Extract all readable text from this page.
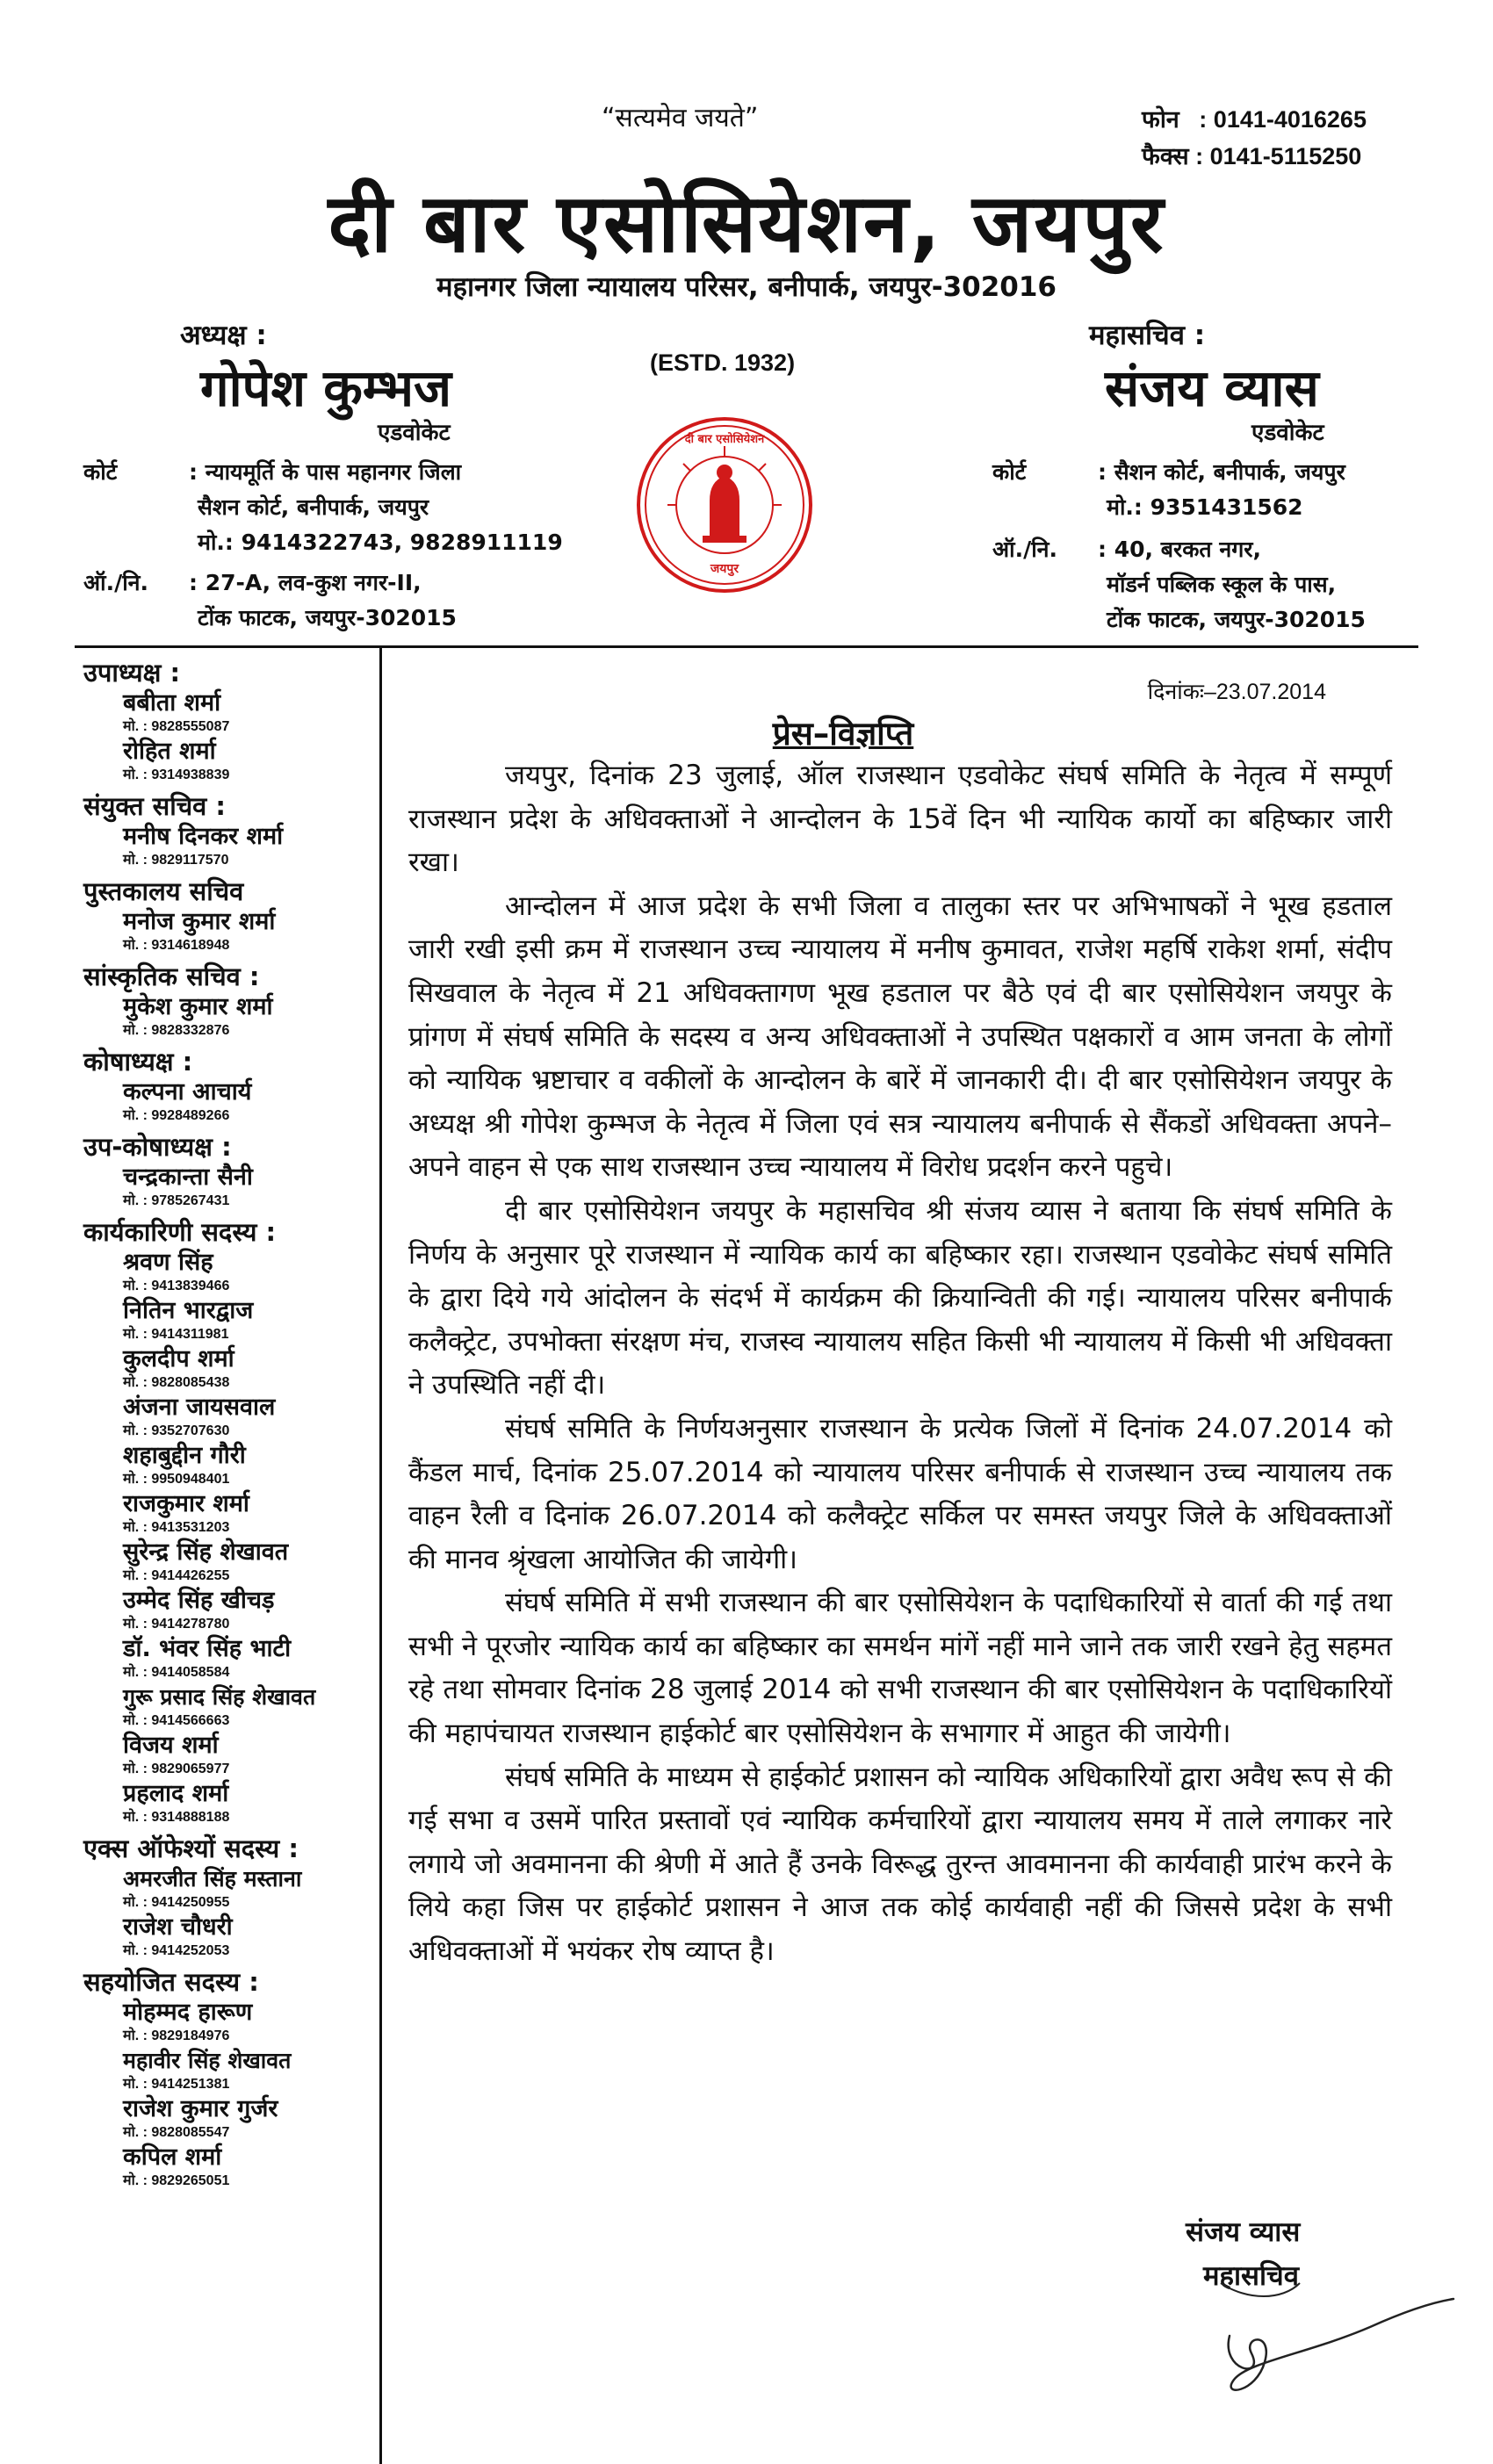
“सत्यमेव जयते”	फोन   : 0141-4016265
फैक्स : 0141-5115250
दी बार एसोसियेशन, जयपुर
महानगर जिला न्यायालय परिसर, बनीपार्क, जयपुर-302016
अध्यक्ष :
गोपेश कुम्भज
एडवोकेट
कोर्ट	: न्यायमूर्ति के पास महानगर जिला
सैशन कोर्ट, बनीपार्क, जयपुर
मो.: 9414322743, 9828911119
ऑ./नि. : 27-A, लव-कुश नगर-II,
टोंक फाटक, जयपुर-302015
(ESTD. 1932)
दी बार एसोसियेशन
जयपुर
महासचिव :
संजय व्यास
एडवोकेट
कोर्ट	: सैशन कोर्ट, बनीपार्क, जयपुर
मो.: 9351431562
ऑ./नि. : 40, बरकत नगर,
मॉडर्न पब्लिक स्कूल के पास,
टोंक फाटक, जयपुर-302015
उपाध्यक्ष :
बबीता शर्मा
मो. : 9828555087
रोहित शर्मा
मो. : 9314938839
संयुक्त सचिव :
मनीष दिनकर शर्मा
मो. : 9829117570
पुस्तकालय सचिव
मनोज कुमार शर्मा
मो. : 9314618948
सांस्कृतिक सचिव :
मुकेश कुमार शर्मा
मो. : 9828332876
कोषाध्यक्ष :
कल्पना आचार्य
मो. : 9928489266
उप-कोषाध्यक्ष :
चन्द्रकान्ता सैनी
मो. : 9785267431
कार्यकारिणी सदस्य :
श्रवण सिंह
मो. : 9413839466
नितिन भारद्वाज
मो. : 9414311981
कुलदीप शर्मा
मो. : 9828085438
अंजना जायसवाल
मो. : 9352707630
शहाबुद्दीन गौरी
मो. : 9950948401
राजकुमार शर्मा
मो. : 9413531203
सुरेन्द्र सिंह शेखावत
मो. : 9414426255
उम्मेद सिंह खीचड़
मो. : 9414278780
डॉ. भंवर सिंह भाटी
मो. : 9414058584
गुरू प्रसाद सिंह शेखावत
मो. : 9414566663
विजय शर्मा
मो. : 9829065977
प्रहलाद शर्मा
मो. : 9314888188
एक्स ऑफेश्यों सदस्य :
अमरजीत सिंह मस्ताना
मो. : 9414250955
राजेश चौधरी
मो. : 9414252053
सहयोजित सदस्य :
मोहम्मद हारूण
मो. : 9829184976
महावीर सिंह शेखावत
मो. : 9414251381
राजेश कुमार गुर्जर
मो. : 9828085547
कपिल शर्मा
मो. : 9829265051
दिनांकः–23.07.2014
प्रेस–विज्ञप्ति

जयपुर, दिनांक 23 जुलाई, ऑल राजस्थान एडवोकेट संघर्ष समिति के नेतृत्व में सम्पूर्ण राजस्थान प्रदेश के अधिवक्ताओं ने आन्दोलन के 15वें दिन भी न्यायिक कार्यो का बहिष्कार जारी रखा।

आन्दोलन में आज प्रदेश के सभी जिला व तालुका स्तर पर अभिभाषकों ने भूख हडताल जारी रखी इसी क्रम में राजस्थान उच्च न्यायालय में मनीष कुमावत, राजेश महर्षि राकेश शर्मा, संदीप सिखवाल के नेतृत्व में 21 अधिवक्तागण भूख हडताल पर बैठे एवं दी बार एसोसियेशन जयपुर के प्रांगण में संघर्ष समिति के सदस्य व अन्य अधिवक्ताओं ने उपस्थित पक्षकारों व आम जनता के लोगों को न्यायिक भ्रष्टाचार व वकीलों के आन्दोलन के बारें में जानकारी दी। दी बार एसोसियेशन जयपुर के अध्यक्ष श्री गोपेश कुम्भज के नेतृत्व में जिला एवं सत्र न्यायालय बनीपार्क से सैंकडों अधिवक्ता अपने–अपने वाहन से एक साथ राजस्थान उच्च न्यायालय में विरोध प्रदर्शन करने पहुचे।

दी बार एसोसियेशन जयपुर के महासचिव श्री संजय व्यास ने बताया कि संघर्ष समिति के निर्णय के अनुसार पूरे राजस्थान में न्यायिक कार्य का बहिष्कार रहा। राजस्थान एडवोकेट संघर्ष समिति के द्वारा दिये गये आंदोलन के संदर्भ में कार्यक्रम की क्रियान्विती की गई। न्यायालय परिसर बनीपार्क कलैक्ट्रेट, उपभोक्ता संरक्षण मंच, राजस्व न्यायालय सहित किसी भी न्यायालय में किसी भी अधिवक्ता ने उपस्थिति नहीं दी।

संघर्ष समिति के निर्णयअनुसार राजस्थान के प्रत्येक जिलों में दिनांक 24.07.2014 को कैंडल मार्च, दिनांक 25.07.2014 को न्यायालय परिसर बनीपार्क से राजस्थान उच्च न्यायालय तक वाहन रैली व दिनांक 26.07.2014 को कलैक्ट्रेट सर्किल पर समस्त जयपुर जिले के अधिवक्ताओं की मानव श्रृंखला आयोजित की जायेगी।

संघर्ष समिति में सभी राजस्थान की बार एसोसियेशन के पदाधिकारियों से वार्ता की गई तथा सभी ने पूरजोर न्यायिक कार्य का बहिष्कार का समर्थन मांगें नहीं माने जाने तक जारी रखने हेतु सहमत रहे तथा सोमवार दिनांक 28 जुलाई 2014 को सभी राजस्थान की बार एसोसियेशन के पदाधिकारियों की महापंचायत राजस्थान हाईकोर्ट बार एसोसियेशन के सभागार में आहुत की जायेगी।

संघर्ष समिति के माध्यम से हाईकोर्ट प्रशासन को न्यायिक अधिकारियों द्वारा अवैध रूप से की गई सभा व उसमें पारित प्रस्तावों एवं न्यायिक कर्मचारियों द्वारा न्यायालय समय में ताले लगाकर नारे लगाये जो अवमानना की श्रेणी में आते हैं उनके विरूद्ध तुरन्त आवमानना की कार्यवाही प्रारंभ करने के लिये कहा जिस पर हाईकोर्ट प्रशासन ने आज तक कोई कार्यवाही नहीं की जिससे प्रदेश के सभी अधिवक्ताओं में भयंकर रोष व्याप्त है।

संजय व्यास
महासचिव
